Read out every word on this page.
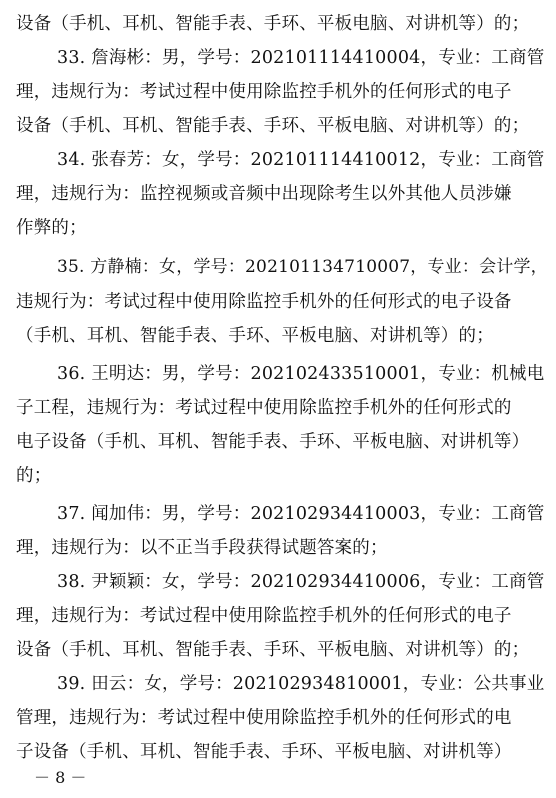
设备（手机、耳机、智能手表、手环、平板电脑、对讲机等）的；
33. 詹海彬：男，学号：202101114410004，专业：工商管
理，违规行为：考试过程中使用除监控手机外的任何形式的电子
设备（手机、耳机、智能手表、手环、平板电脑、对讲机等）的；
34. 张春芳：女，学号：202101114410012，专业：工商管
理，违规行为：监控视频或音频中出现除考生以外其他人员涉嫌
作弊的；
35. 方静楠：女，学号：202101134710007，专业：会计学，
违规行为：考试过程中使用除监控手机外的任何形式的电子设备
（手机、耳机、智能手表、手环、平板电脑、对讲机等）的；
36. 王明达：男，学号：202102433510001，专业：机械电
子工程，违规行为：考试过程中使用除监控手机外的任何形式的
电子设备（手机、耳机、智能手表、手环、平板电脑、对讲机等）
的；
37. 闻加伟：男，学号：202102934410003，专业：工商管
理，违规行为：以不正当手段获得试题答案的；
38. 尹颖颖：女，学号：202102934410006，专业：工商管
理，违规行为：考试过程中使用除监控手机外的任何形式的电子
设备（手机、耳机、智能手表、手环、平板电脑、对讲机等）的；
39. 田云：女，学号：202102934810001，专业：公共事业
管理，违规行为：考试过程中使用除监控手机外的任何形式的电
子设备（手机、耳机、智能手表、手环、平板电脑、对讲机等）
－ 8 －
